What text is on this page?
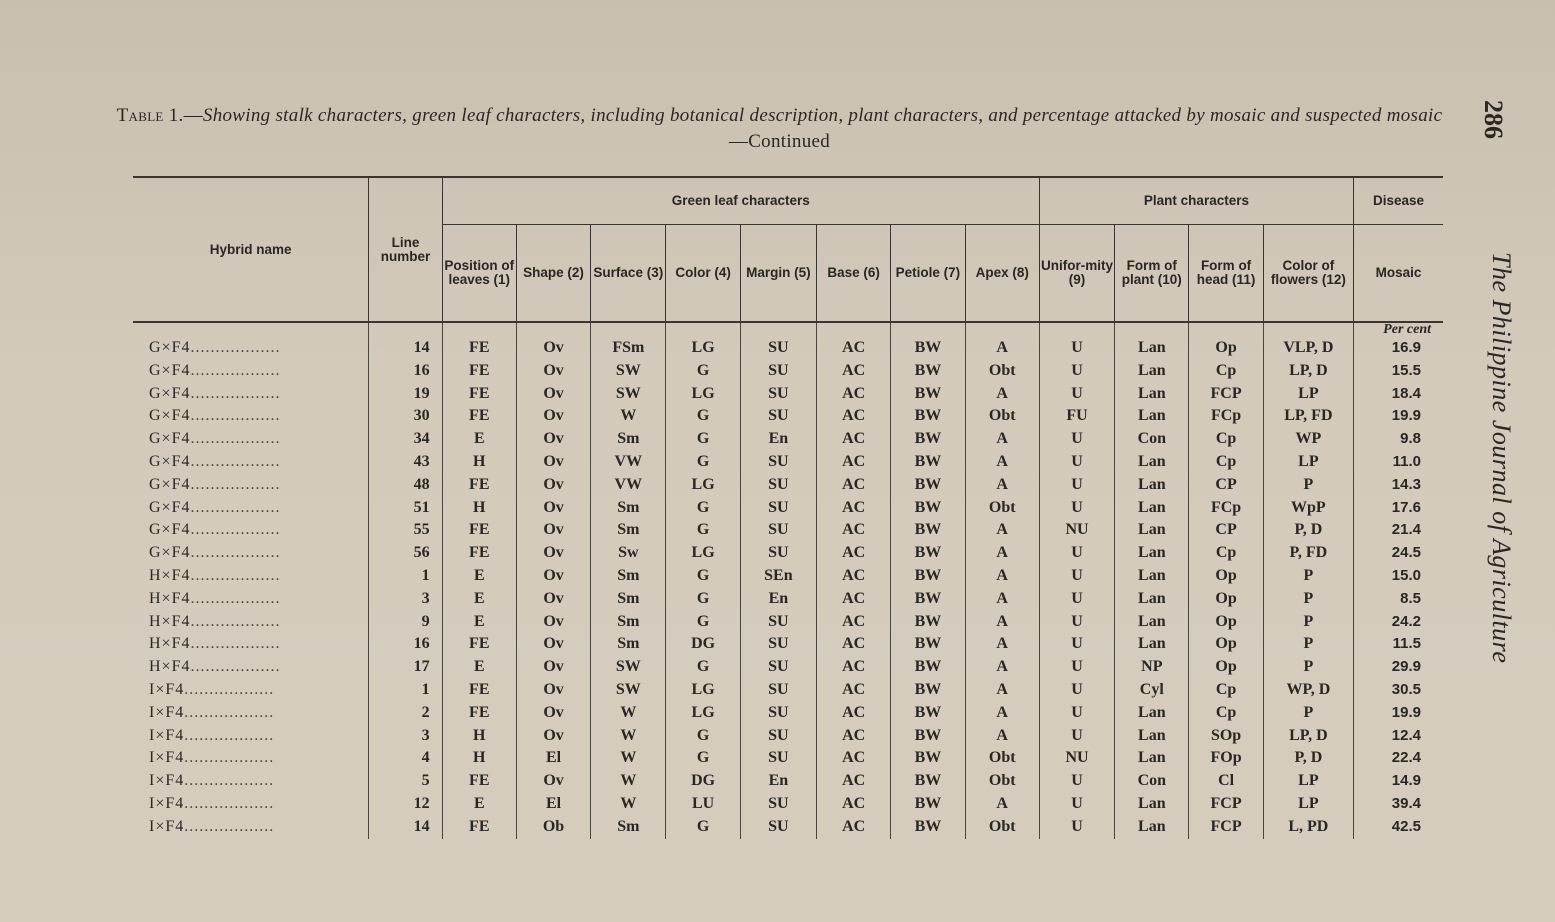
Table 1.—Showing stalk characters, green leaf characters, including botanical description, plant characters, and percentage attacked by mosaic and suspected mosaic—Continued
286
The Philippine Journal of Agriculture
Hybrid name	Line number	Green leaf characters								Plant characters				Disease
		Position of leaves (1)	Shape (2)	Surface (3)	Color (4)	Margin (5)	Base (6)	Petiole (7)	Apex (8)	Unifor-mity (9)	Form of plant (10)	Form of head (11)	Color of flowers (12)	Mosaic

														Per cent

G×F4..................	14	FE	Ov	FSm	LG	SU	AC	BW	A	U	Lan	Op	VLP, D	16.9
G×F4..................	16	FE	Ov	SW	G	SU	AC	BW	Obt	U	Lan	Cp	LP, D	15.5
G×F4..................	19	FE	Ov	SW	LG	SU	AC	BW	A	U	Lan	FCP	LP	18.4
G×F4..................	30	FE	Ov	W	G	SU	AC	BW	Obt	FU	Lan	FCp	LP, FD	19.9
G×F4..................	34	E	Ov	Sm	G	En	AC	BW	A	U	Con	Cp	WP	9.8
G×F4..................	43	H	Ov	VW	G	SU	AC	BW	A	U	Lan	Cp	LP	11.0
G×F4..................	48	FE	Ov	VW	LG	SU	AC	BW	A	U	Lan	CP	P	14.3
G×F4..................	51	H	Ov	Sm	G	SU	AC	BW	Obt	U	Lan	FCp	WpP	17.6
G×F4..................	55	FE	Ov	Sm	G	SU	AC	BW	A	NU	Lan	CP	P, D	21.4
G×F4..................	56	FE	Ov	Sw	LG	SU	AC	BW	A	U	Lan	Cp	P, FD	24.5
H×F4..................	1	E	Ov	Sm	G	SEn	AC	BW	A	U	Lan	Op	P	15.0
H×F4..................	3	E	Ov	Sm	G	En	AC	BW	A	U	Lan	Op	P	8.5
H×F4..................	9	E	Ov	Sm	G	SU	AC	BW	A	U	Lan	Op	P	24.2
H×F4..................	16	FE	Ov	Sm	DG	SU	AC	BW	A	U	Lan	Op	P	11.5
H×F4..................	17	E	Ov	SW	G	SU	AC	BW	A	U	NP	Op	P	29.9
I×F4..................	1	FE	Ov	SW	LG	SU	AC	BW	A	U	Cyl	Cp	WP, D	30.5
I×F4..................	2	FE	Ov	W	LG	SU	AC	BW	A	U	Lan	Cp	P	19.9
I×F4..................	3	H	Ov	W	G	SU	AC	BW	A	U	Lan	SOp	LP, D	12.4
I×F4..................	4	H	El	W	G	SU	AC	BW	Obt	NU	Lan	FOp	P, D	22.4
I×F4..................	5	FE	Ov	W	DG	En	AC	BW	Obt	U	Con	Cl	LP	14.9
I×F4..................	12	E	El	W	LU	SU	AC	BW	A	U	Lan	FCP	LP	39.4
I×F4..................	14	FE	Ob	Sm	G	SU	AC	BW	Obt	U	Lan	FCP	L, PD	42.5
